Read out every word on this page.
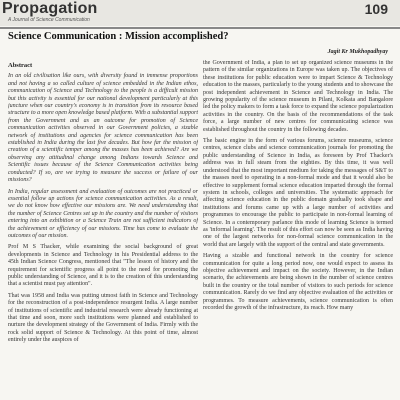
Propagation
A Journal of Science Communication
109
Science Communication : Mission accomplished?
Jagit Kr Mukhopadhyay
Abstract

In an old civilisation like ours, with diversity found in immense proportions and not having a so called culture of science embedded in the Indian ethos, communication of Science and Technology to the people is a difficult mission but this activity is essential for our national development particularly at this juncture when our country's economy is in transition from its resource based structure to a more open knowledge based platform. With a substantial support from the Government and as an outcome for promotion of Science communication activities observed in our Government policies, a sizable network of institutions and agencies for science communication has been established in India during the last five decades. But how far the mission of creation of a scientific temper among the masses has been achieved? Are we observing any attitudinal change among Indians towards Science and Scientific issues because of the Science Communication activities being conducted? If so, are we trying to measure the success or failure of our missions?

In India, regular assessment and evaluation of outcomes are not practiced or essential follow up actions for science communication activities. As a result, we do not know how effective our missions are. We need understanding that the number of Science Centres set up in the country and the number of visitors entering into an exhibition or a Science Train are not sufficient indicators of the achievement or efficiency of our missions. Time has come to evaluate the outcomes of our mission.

Prof M S Thacker, while examining the social background of great developments in Science and Technology in his Presidential address to the 45th Indian Science Congress, mentioned that "The lesson of history and the requirement for scientific progress all point to the need for promoting the public understanding of Science, and it is to the creation of this understanding that a scientist must pay attention".

That was 1958 and India was putting utmost faith in Science and Technology for the reconstruction of a post-independence resurgent India. A large number of institutions of scientific and industrial research were already functioning at that time and soon, more such institutions were planned and established to nurture the development strategy of the Government of India. Firmly with the rock solid support of Science & Technology. At this point of time, almost entirely under the auspices of

the Government of India, a plan to set up organized science museums in the pattern of the similar organizations in Europe was taken up. The objectives of these institutions for public education were to impart Science & Technology education to the masses, particularly to the young students and to showcase the post independent achievement in Science and Technology in India. The growing popularity of the science museum in Pilani, Kolkata and Bangalore led the policy makers to form a task force to expand the science popularization activities in the country. On the basis of the recommendations of the task force, a large number of new centres for communicating science was established throughout the country in the following decades.

The basic engine in the form of various forums, science museums, science centres, science clubs and science communication journals for promoting the public understanding of Science in India, as foreseen by Prof Thacker's address was in full steam from the eighties. By this time, it was well understood that the most important medium for taking the messages of S&T to the masses need to operating in a non-formal mode and that it would also be effective to supplement formal science education imparted through the formal system in schools, colleges and universities. The systematic approach for affecting science education in the public domain gradually took shape and institutions and forums came up with a large number of activities and programmes to encourage the public to participate in non-formal learning of Science. In a contemporary parlance this mode of learning Science is termed as 'informal learning'. The result of this effort can now be seen as India having one of the largest networks for non-formal science communication in the world that are largely with the support of the central and state governments.

Having a sizable and functional network in the country for science communication for quite a long period now, one would expect to assess its objective achievement and impact on the society. However, in the Indian scenario, the achievements are being shown in the number of science centres built in the country or the total number of visitors to such periods for science communication. Rarely do we find any objective evaluation of the activities or programmes. To measure achievements, science communication is often recorded the growth of the infrastructure, its reach. How many
